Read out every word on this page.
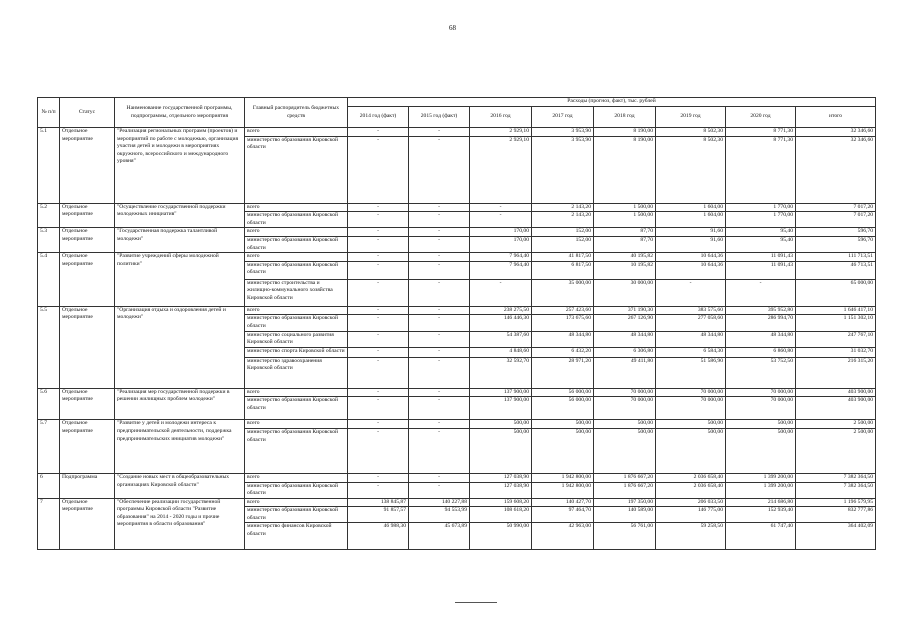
68
№ п/п	Статус	Наименование государственной программы, подпрограммы, отдельного мероприятия	Главный распорядитель бюджетных средств	Расходы (прогноз, факт), тыс. рублей							
				2014 год (факт)	2015 год (факт)	2016 год	2017 год	2018 год	2019 год	2020 год	итого
5.1	Отдельное мероприятие	"Реализация региональных программ (проектов) и мероприятий по работе с молодежью, организация участия детей и молодежи в мероприятиях окружного, всероссийского и международного уровня"	всего	-	-	2 929,10	3 953,90	8 190,00	8 502,30	8 771,30	32 346,60
			министерство образования Кировской области	-	-	2 929,10	3 953,90	8 190,00	8 502,30	8 771,30	32 346,60
5.2	Отдельное мероприятие	"Осуществление государственной поддержки молодежных инициатив"	всего	-	-	-	2 143,20	1 500,00	1 604,00	1 770,00	7 017,20
			министерство образования Кировской области	-	-	-	2 143,20	1 500,00	1 604,00	1 770,00	7 017,20
5.3	Отдельное мероприятие	"Государственная поддержка талантливой молодежи"	всего	-	-	170,00	152,00	87,70	91,60	95,40	596,70
			министерство образования Кировской области	-	-	170,00	152,00	87,70	91,60	95,40	596,70
5.4	Отдельное мероприятие	"Развитие учреждений сферы молодежной политики"	всего	-	-	7 964,40	41 817,50	40 195,82	10 644,36	11 091,43	111 713,51
			министерство образования Кировской области	-	-	7 964,40	6 817,50	10 195,82	10 644,36	11 091,43	46 713,51
			министерство строительства и жилищно-коммунального хозяйства Кировской области	-	-	-	35 000,00	30 000,00	-	-	65 000,00
5.5	Отдельное мероприятие	"Организация отдыха и оздоровления детей и молодежи"	всего	-	-	238 275,50	257 423,60	371 190,30	383 575,60	395 952,80	1 646 417,10
			министерство образования Кировской области	-	-	146 446,30	173 675,60	267 126,90	277 058,60	286 994,70	1 151 302,10
			министерство социального развития Кировской области	-	-	54 387,60	48 344,80	48 344,80	48 344,80	48 344,80	247 767,10
			министерство спорта Кировской области	-	-	4 848,60	6 432,20	6 306,80	6 584,30	6 860,80	31 032,70
			министерство здравоохранения Кировской области	-	-	32 592,70	28 971,20	49 411,80	51 586,90	53 752,50	216 315,20
5.6	Отдельное мероприятие	"Реализация мер государственной поддержки в решении жилищных проблем молодежи"	всего	-	-	137 900,00	56 000,00	70 000,00	70 000,00	70 000,00	403 900,00
			министерство образования Кировской области	-	-	137 900,00	56 000,00	70 000,00	70 000,00	70 000,00	403 900,00
5.7	Отдельное мероприятие	"Развитие у детей и молодежи интереса к предпринимательской деятельности, поддержка предпринимательских инициатив молодежи"	всего	-	-	500,00	500,00	500,00	500,00	500,00	2 500,00
			министерство образования Кировской области	-	-	500,00	500,00	500,00	500,00	500,00	2 500,00
6	Подпрограмма	"Создание новых мест в общеобразовательных организациях Кировской области"	всего	-	-	127 038,90	1 942 800,00	1 876 667,20	2 036 658,40	1 399 200,00	7 382 364,50
			министерство образования Кировской области	-	-	127 038,90	1 942 800,00	1 876 667,20	2 036 658,40	1 399 200,00	7 382 364,50
7	Отдельное мероприятие	"Обеспечение реализации государственной программы Кировской области "Развитие образования" на 2014 - 2020 годы и прочие мероприятия в области образования"	всего	138 845,87	140 227,88	159 608,20	140 427,70	197 350,00	206 033,50	214 686,80	1 196 579,95
			министерство образования Кировской области	91 857,57	94 553,99	108 618,20	97 464,70	140 589,00	146 775,00	152 939,40	832 777,86
			министерство финансов Кировской области	46 988,30	45 673,89	50 990,00	42 963,00	56 761,00	59 258,50	61 747,40	364 402,09
